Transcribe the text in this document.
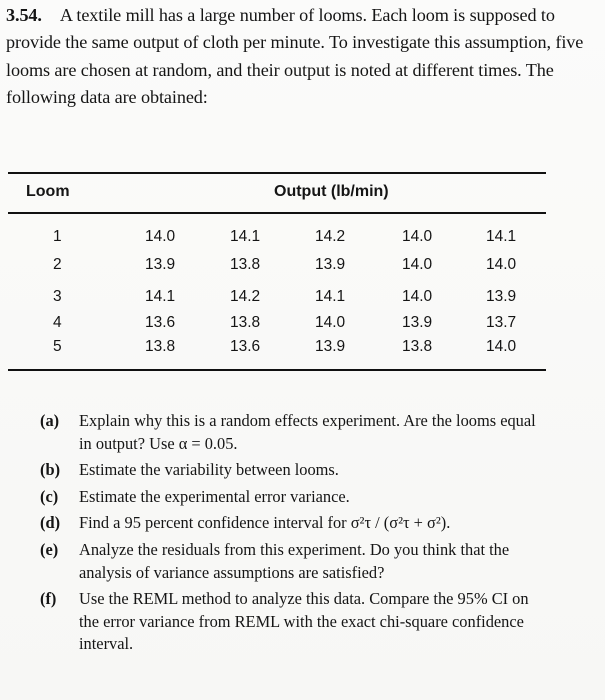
3.54. A textile mill has a large number of looms. Each loom is supposed to provide the same output of cloth per minute. To investigate this assumption, five looms are chosen at random, and their output is noted at different times. The following data are obtained:
Loom	Output (lb/min)
1	14.0	14.1	14.2	14.0	14.1
2	13.9	13.8	13.9	14.0	14.0
3	14.1	14.2	14.1	14.0	13.9
4	13.6	13.8	14.0	13.9	13.7
5	13.8	13.6	13.9	13.8	14.0
(a) Explain why this is a random effects experiment. Are the looms equal in output? Use α = 0.05.
(b) Estimate the variability between looms.
(c) Estimate the experimental error variance.
(d) Find a 95 percent confidence interval for σ²τ / (σ²τ + σ²).
(e) Analyze the residuals from this experiment. Do you think that the analysis of variance assumptions are satisfied?
(f) Use the REML method to analyze this data. Compare the 95% CI on the error variance from REML with the exact chi-square confidence interval.
